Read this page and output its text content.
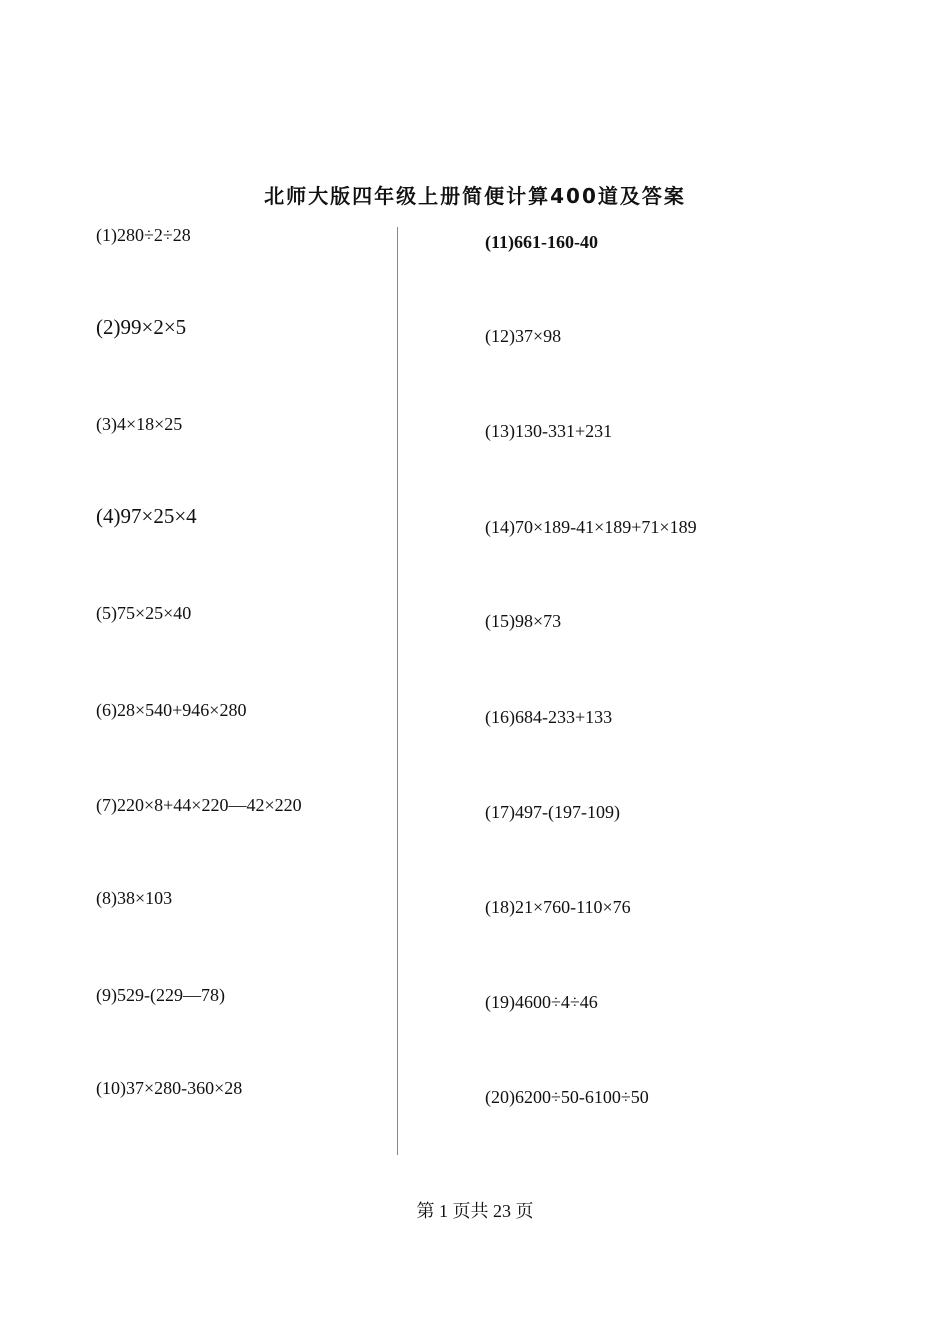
北师大版四年级上册简便计算400道及答案
(1)280÷2÷28
(2)99×2×5
(3)4×18×25
(4)97×25×4
(5)75×25×40
(6)28×540+946×280
(7)220×8+44×220—42×220
(8)38×103
(9)529-(229—78)
(10)37×280-360×28
(11)661-160-40
(12)37×98
(13)130-331+231
(14)70×189-41×189+71×189
(15)98×73
(16)684-233+133
(17)497-(197-109)
(18)21×760-110×76
(19)4600÷4÷46
(20)6200÷50-6100÷50
第 1 页共 23 页
